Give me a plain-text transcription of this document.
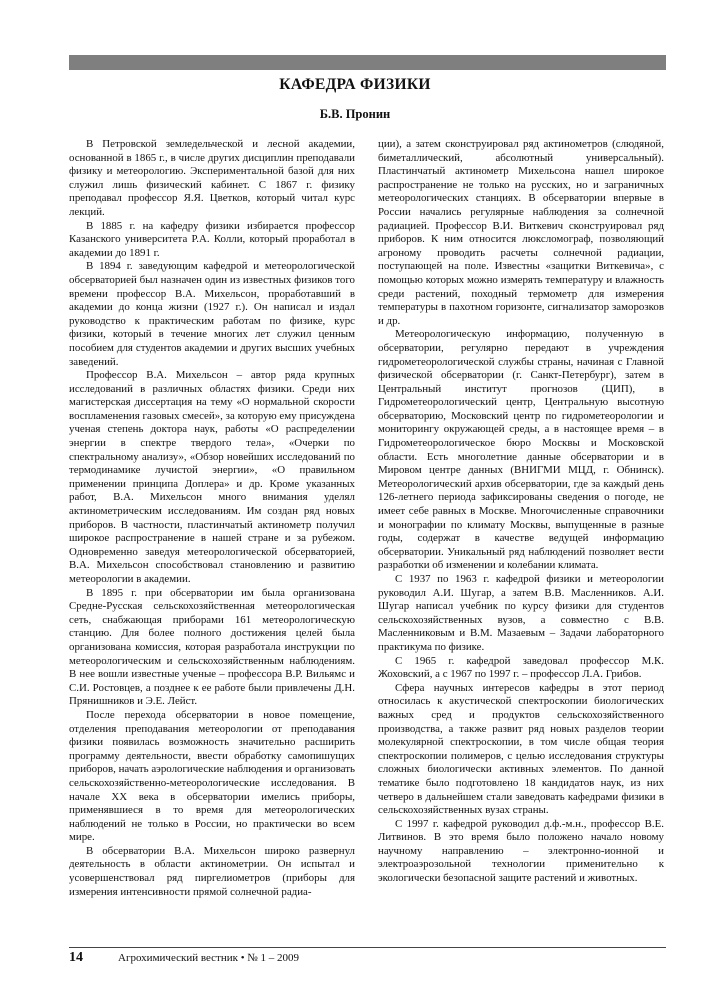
КАФЕДРА ФИЗИКИ
Б.В. Пронин

В Петровской земледельческой и лесной академии, основанной в 1865 г., в числе других дисциплин преподавали физику и метеорологию. Экспериментальной базой для них служил лишь физический кабинет. С 1867 г. физику преподавал профессор Я.Я. Цветков, который читал курс лекций.

В 1885 г. на кафедру физики избирается профессор Казанского университета Р.А. Колли, который проработал в академии до 1891 г.

В 1894 г. заведующим кафедрой и метеорологической обсерваторией был назначен один из известных физиков того времени профессор В.А. Михельсон, проработавший в академии до конца жизни (1927 г.). Он написал и издал руководство к практическим работам по физике, курс физики, который в течение многих лет служил ценным пособием для студентов академии и других высших учебных заведений.

Профессор В.А. Михельсон – автор ряда крупных исследований в различных областях физики. Среди них магистерская диссертация на тему «О нормальной скорости воспламенения газовых смесей», за которую ему присуждена ученая степень доктора наук, работы «О распределении энергии в спектре твердого тела», «Очерки по спектральному анализу», «Обзор новейших исследований по термодинамике лучистой энергии», «О правильном применении принципа Доплера» и др. Кроме указанных работ, В.А. Михельсон много внимания уделял актинометрическим исследованиям. Им создан ряд новых приборов. В частности, пластинчатый актинометр получил широкое распространение в нашей стране и за рубежом. Одновременно заведуя метеорологической обсерваторией, В.А. Михельсон способствовал становлению и развитию метеорологии в академии.

В 1895 г. при обсерватории им была организована Средне-Русская сельскохозяйственная метеорологическая сеть, снабжающая приборами 161 метеорологическую станцию. Для более полного достижения целей была организована комиссия, которая разработала инструкции по метеорологическим и сельскохозяйственным наблюдениям. В нее вошли известные ученые – профессора В.Р. Вильямс и С.И. Ростовцев, а позднее к ее работе были привлечены Д.Н. Прянишников и Э.Е. Лейст.

После перехода обсерватории в новое помещение, отделения преподавания метеорологии от преподавания физики появилась возможность значительно расширить программу деятельности, ввести обработку самопишущих приборов, начать аэрологические наблюдения и организовать сельскохозяйственно-метеорологические исследования. В начале ХХ века в обсерватории имелись приборы, применявшиеся в то время для метеорологических наблюдений не только в России, но практически во всем мире.

В обсерватории В.А. Михельсон широко развернул деятельность в области актинометрии. Он испытал и усовершенствовал ряд пиргелиометров (приборы для измерения интенсивности прямой солнечной радиа-

ции), а затем сконструировал ряд актинометров (слюдяной, биметаллический, абсолютный универсальный). Пластинчатый актинометр Михельсона нашел широкое распространение не только на русских, но и заграничных метеорологических станциях. В обсерватории впервые в России начались регулярные наблюдения за солнечной радиацией. Профессор В.И. Виткевич сконструировал ряд приборов. К ним относится люксломограф, позволяющий агроному проводить расчеты солнечной радиации, поступающей на поле. Известны «защитки Виткевича», с помощью которых можно измерять температуру и влажность среди растений, походный термометр для измерения температуры в пахотном горизонте, сигнализатор заморозков и др.

Метеорологическую информацию, полученную в обсерватории, регулярно передают в учреждения гидрометеорологической службы страны, начиная с Главной физической обсерватории (г. Санкт-Петербург), затем в Центральный институт прогнозов (ЦИП), в Гидрометеорологический центр, Центральную высотную обсерваторию, Московский центр по гидрометеорологии и мониторингу окружающей среды, а в настоящее время – в Гидрометеорологическое бюро Москвы и Московской области. Есть многолетние данные обсерватории и в Мировом центре данных (ВНИГМИ МЦД, г. Обнинск). Метеорологический архив обсерватории, где за каждый день 126-летнего периода зафиксированы сведения о погоде, не имеет себе равных в Москве. Многочисленные справочники и монографии по климату Москвы, выпущенные в разные годы, содержат в качестве ведущей информацию обсерватории. Уникальный ряд наблюдений позволяет вести разработки об изменении и колебании климата.

С 1937 по 1963 г. кафедрой физики и метеорологии руководил А.И. Шугар, а затем В.В. Масленников. А.И. Шугар написал учебник по курсу физики для студентов сельскохозяйственных вузов, а совместно с В.В. Масленниковым и В.М. Мазаевым – Задачи лабораторного практикума по физике.

С 1965 г. кафедрой заведовал профессор М.К. Жоховский, а с 1967 по 1997 г. – профессор Л.А. Грибов.

Сфера научных интересов кафедры в этот период относилась к акустической спектроскопии биологических важных сред и продуктов сельскохозяйственного производства, а также развит ряд новых разделов теории молекулярной спектроскопии, в том числе общая теория спектроскопии полимеров, с целью исследования структуры сложных биологически активных элементов. По данной тематике было подготовлено 18 кандидатов наук, из них четверо в дальнейшем стали заведовать кафедрами физики в сельскохозяйственных вузах страны.

С 1997 г. кафедрой руководил д.ф.-м.н., профессор В.Е. Литвинов. В это время было положено начало новому научному направлению – электронно-ионной и электроаэрозольной технологии применительно к экологически безопасной защите растений и животных.

14	Агрохимический вестник • № 1 – 2009
